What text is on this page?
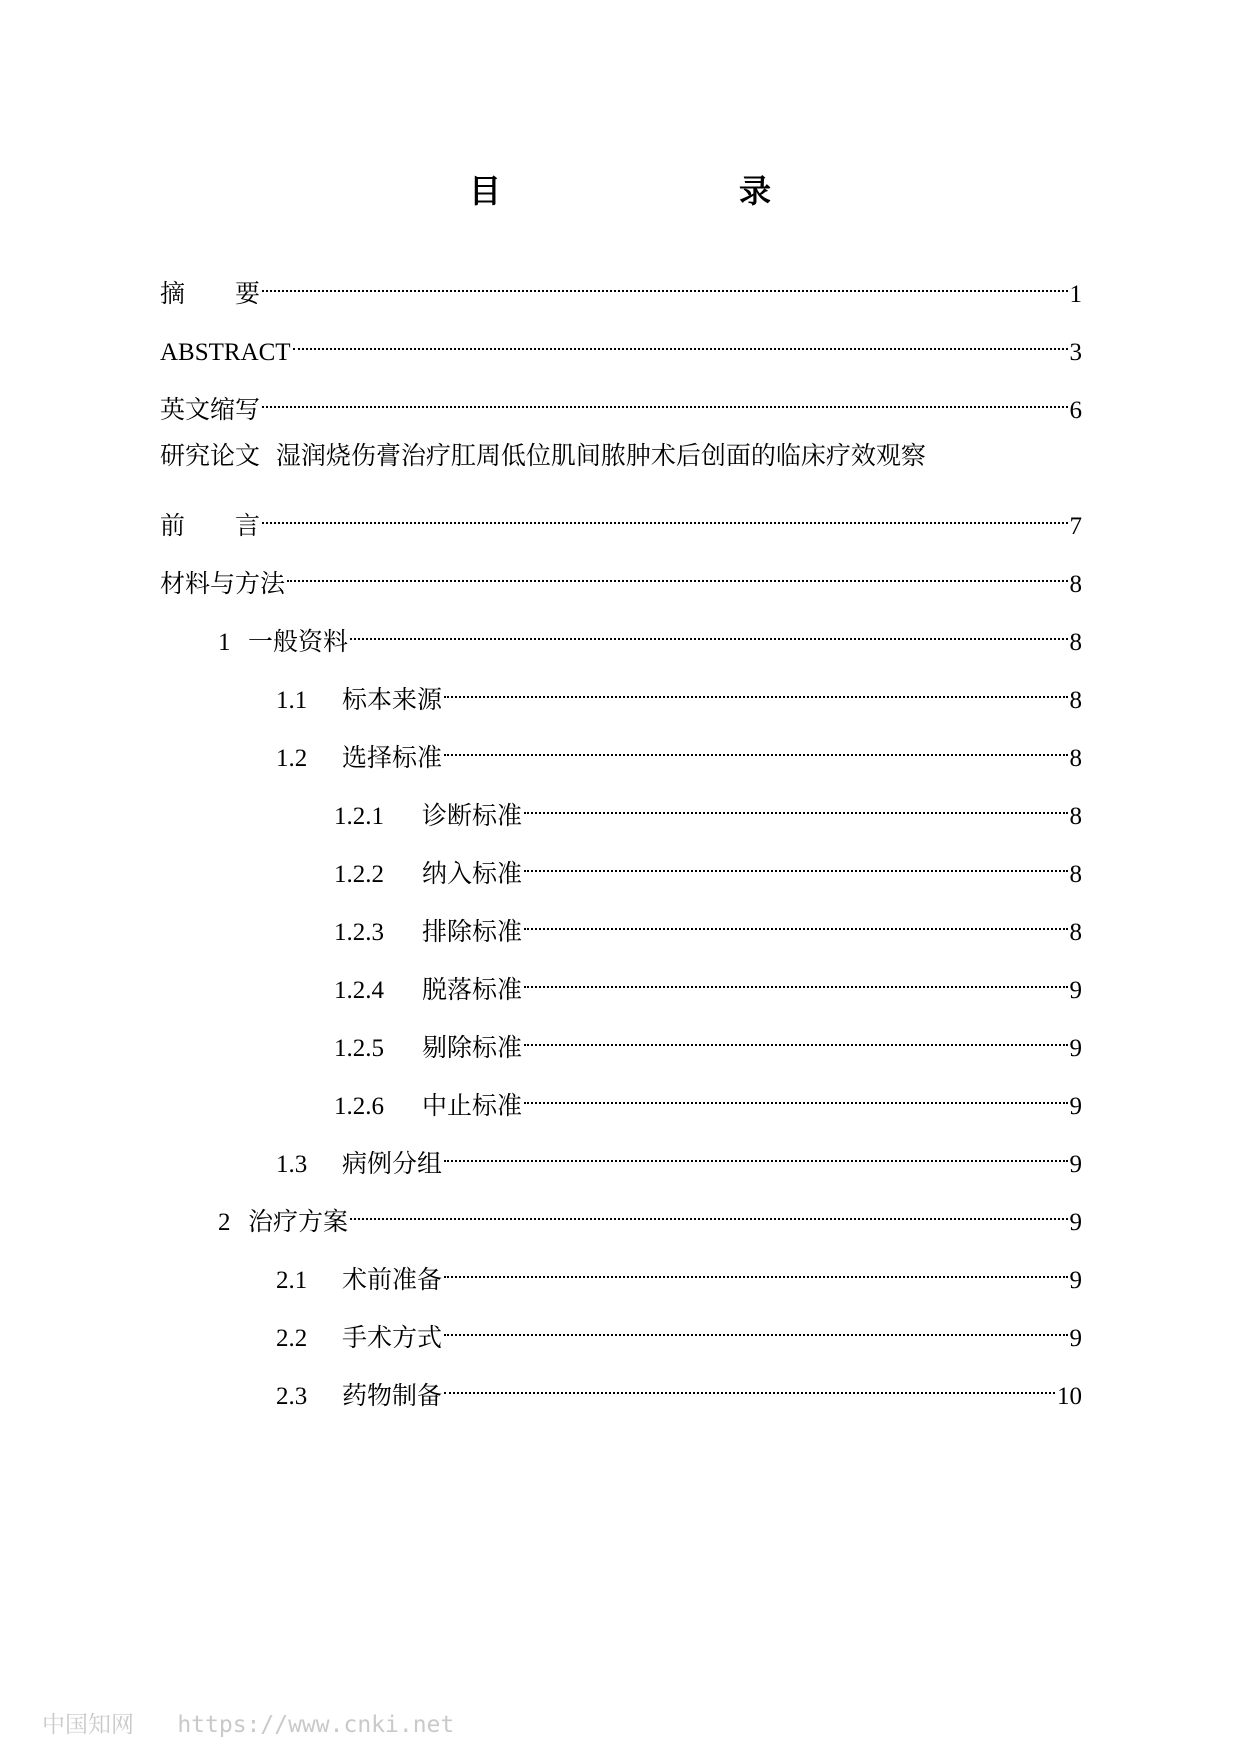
目　　录
摘　　要	1
ABSTRACT	3
英文缩写	6
研究论文  湿润烧伤膏治疗肛周低位肌间脓肿术后创面的临床疗效观察
前　　言	7
材料与方法	8
1 一般资料	8
1.1	标本来源	8
1.2	选择标准	8
1.2.1	诊断标准	8
1.2.2	纳入标准	8
1.2.3	排除标准	8
1.2.4	脱落标准	9
1.2.5	剔除标准	9
1.2.6	中止标准	9
1.3	病例分组	9
2 治疗方案	9
2.1	术前准备	9
2.2	手术方式	9
2.3	药物制备	10
中国知网 https://www.cnki.net
